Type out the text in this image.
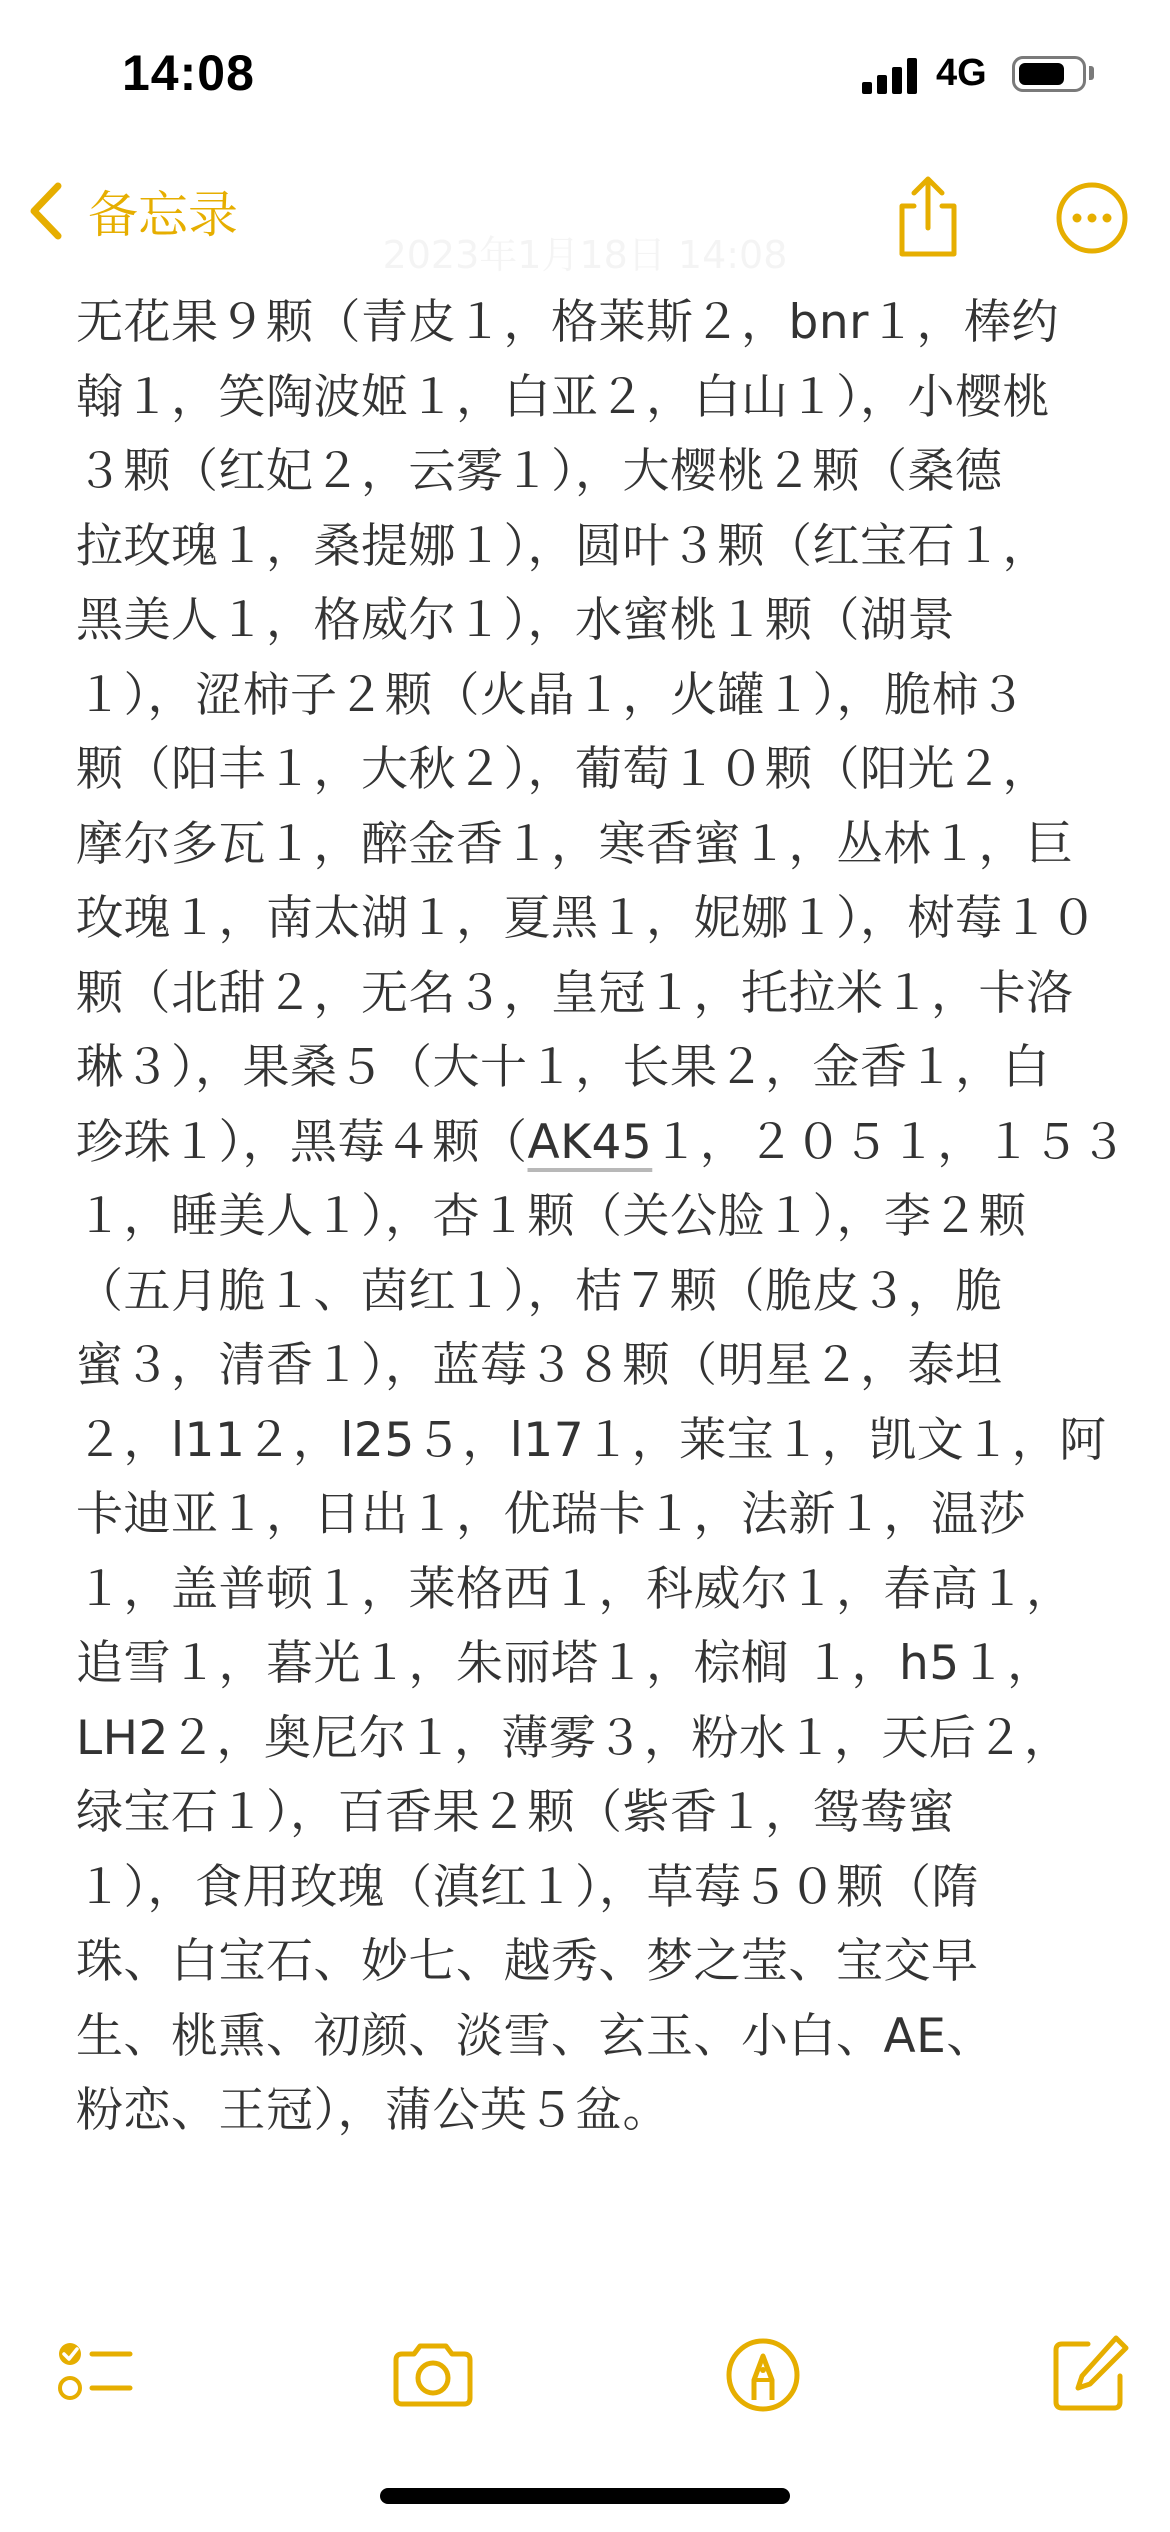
14:08	4G
备忘录
2023年1月18日 14:08
无花果９颗（青皮１，格莱斯２，bnr１，棒约
翰１，笑陶波姬１，白亚２，白山１），小樱桃
３颗（红妃２，云雾１），大樱桃２颗（桑德
拉玫瑰１，桑提娜１），圆叶３颗（红宝石１，
黑美人１，格威尔１），水蜜桃１颗（湖景
１），涩柿子２颗（火晶１，火罐１），脆柿３
颗（阳丰１，大秋２），葡萄１０颗（阳光２，
摩尔多瓦１，醉金香１，寒香蜜１，丛林１，巨
玫瑰１，南太湖１，夏黑１，妮娜１），树莓１０
颗（北甜２，无名３，皇冠１，托拉米１，卡洛
琳３），果桑５（大十１，长果２，金香１，白
珍珠１），黑莓４颗（AK45１，２０５１，１５３
１，睡美人１），杏１颗（关公脸１），李２颗
（五月脆１、茵红１），桔７颗（脆皮３，脆
蜜３，清香１），蓝莓３８颗（明星２，泰坦
２，l11２，l25５，l17１，莱宝１，凯文１，阿
卡迪亚１，日出１，优瑞卡１，法新１，温莎
１，盖普顿１，莱格西１，科威尔１，春高１，
追雪１，暮光１，朱丽塔１，棕榈 １，h5１，
LH2２，奥尼尔１，薄雾３，粉水１，天后２，
绿宝石１），百香果２颗（紫香１，鸳鸯蜜
１），食用玫瑰（滇红１），草莓５０颗（隋
珠、白宝石、妙七、越秀、梦之莹、宝交早
生、桃熏、初颜、淡雪、玄玉、小白、AE、
粉恋、王冠），蒲公英５盆。
